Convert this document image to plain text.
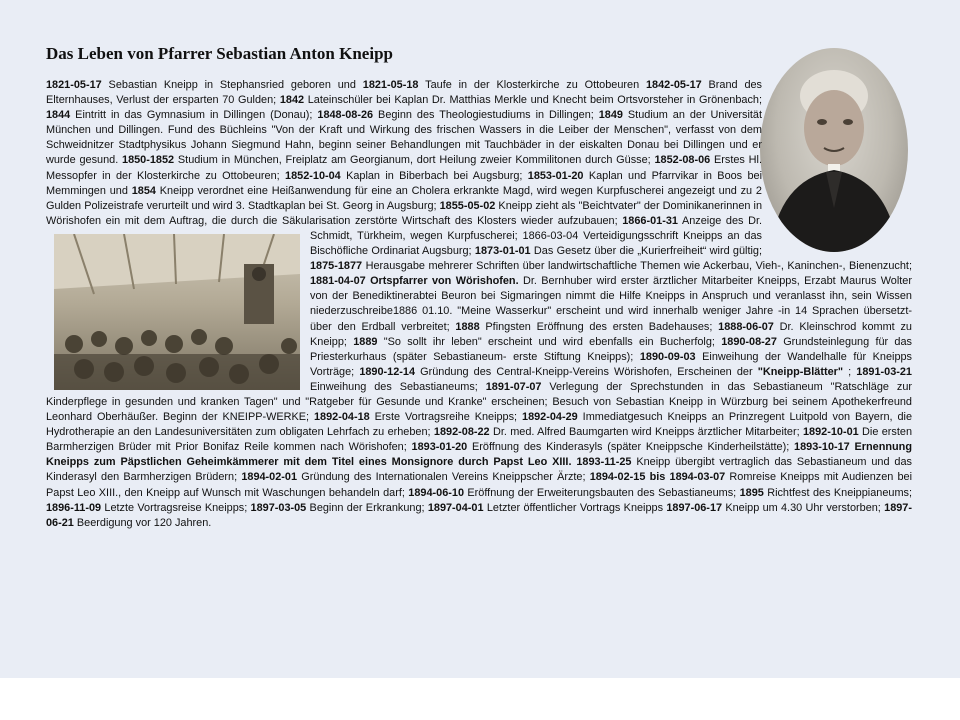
Das Leben von Pfarrer Sebastian Anton Kneipp
1821-05-17 Sebastian Kneipp in Stephansried geboren und 1821-05-18 Taufe in der Klosterkirche zu Ottobeuren 1842-05-17 Brand des Elternhauses, Verlust der ersparten 70 Gulden; 1842 Lateinschüler bei Kaplan Dr. Matthias Merkle und Knecht beim Ortsvorsteher in Grönenbach; 1844 Eintritt in das Gymnasium in Dillingen (Donau); 1848-08-26 Beginn des Theologiestudiums in Dillingen; 1849 Studium an der Universität München und Dillingen. Fund des Büchleins "Von der Kraft und Wirkung des frischen Wassers in die Leiber der Menschen", verfasst von dem Schweidnitzer Stadtphysikus Johann Siegmund Hahn, beginn seiner Behandlungen mit Tauchbäder in der eiskalten Donau bei Dillingen und er wurde gesund. 1850-1852 Studium in München, Freiplatz am Georgianum, dort Heilung zweier Kommilitonen durch Güsse; 1852-08-06 Erstes Hl. Messopfer in der Klosterkirche zu Ottobeuren; 1852-10-04 Kaplan in Biberbach bei Augsburg; 1853-01-20 Kaplan und Pfarrvikar in Boos bei Memmingen und 1854 Kneipp verordnet eine Heißanwendung für eine an Cholera erkrankte Magd, wird wegen Kurpfuscherei angezeigt und zu 2 Gulden Polizeistrafe verurteilt und wird 3. Stadtkaplan bei St. Georg in Augsburg; 1855-05-02 Kneipp zieht als "Beichtvater" der Dominikanerinnen in Wörishofen ein mit dem Auftrag, die durch die Säkularisation zerstörte Wirtschaft des Klosters wieder aufzubauen; 1866-01-31 Anzeige des Dr. Schmidt, Türkheim, wegen Kurpfuscherei; 1866-03-04 Verteidigungsschrift Kneipps an das Bischöfliche Ordinariat Augsburg; 1873-01-01 Das Gesetz über die „Kurierfreiheit“ wird gültig; 1875-1877 Herausgabe mehrerer Schriften über landwirtschaftliche Themen wie Ackerbau, Vieh-, Kaninchen-, Bienenzucht; 1881-04-07 Ortspfarrer von Wörishofen. Dr. Bernhuber wird erster ärztlicher Mitarbeiter Kneipps, Erzabt Maurus Wolter von der Benediktinerabtei Beuron bei Sigmaringen nimmt die Hilfe Kneipps in Anspruch und veranlasst ihn, sein Wissen niederzuschreibe1886 01.10. "Meine Wasserkur" erscheint und wird innerhalb weniger Jahre -in 14 Sprachen übersetzt- über den Erdball verbreitet; 1888 Pfingsten Eröffnung des ersten Badehauses; 1888-06-07 Dr. Kleinschrod kommt zu Kneipp; 1889 "So sollt ihr leben" erscheint und wird ebenfalls ein Bucherfolg; 1890-08-27 Grundsteinlegung für das Priesterkurhaus (später Sebastianeum- erste Stiftung Kneipps); 1890-09-03 Einweihung der Wandelhalle für Kneipps Vorträge; 1890-12-14 Gründung des Central-Kneipp-Vereins Wörishofen, Erscheinen der "Kneipp-Blätter" ; 1891-03-21 Einweihung des Sebastianeums; 1891-07-07 Verlegung der Sprechstunden in das Sebastianeum "Ratschläge zur Kinderpflege in gesunden und kranken Tagen" und "Ratgeber für Gesunde und Kranke" erscheinen; Besuch von Sebastian Kneipp in Würzburg bei seinem Apothekerfreund Leonhard Oberhäußer. Beginn der KNEIPP-WERKE; 1892-04-18 Erste Vortragsreihe Kneipps; 1892-04-29 Immediatgesuch Kneipps an Prinzregent Luitpold von Bayern, die Hydrotherapie an den Landesuniversitäten zum obligaten Lehrfach zu erheben; 1892-08-22 Dr. med. Alfred Baumgarten wird Kneipps ärztlicher Mitarbeiter; 1892-10-01 Die ersten Barmherzigen Brüder mit Prior Bonifaz Reile kommen nach Wörishofen; 1893-01-20 Eröffnung des Kinderasyls (später Kneippsche Kinderheilstätte); 1893-10-17 Ernennung Kneipps zum Päpstlichen Geheimkämmerer mit dem Titel eines Monsignore durch Papst Leo XIII. 1893-11-25 Kneipp übergibt vertraglich das Sebastianeum und das Kinderasyl den Barmherzigen Brüdern; 1894-02-01 Gründung des Internationalen Vereins Kneippscher Ärzte; 1894-02-15 bis 1894-03-07 Romreise Kneipps mit Audienzen bei Papst Leo XIII., den Kneipp auf Wunsch mit Waschungen behandeln darf; 1894-06-10 Eröffnung der Erweiterungsbauten des Sebastianeums; 1895 Richtfest des Kneippianeums; 1896-11-09 Letzte Vortragsreise Kneipps; 1897-03-05 Beginn der Erkrankung; 1897-04-01 Letzter öffentlicher Vortrags Kneipps 1897-06-17 Kneipp um 4.30 Uhr verstorben; 1897-06-21 Beerdigung vor 120 Jahren.
